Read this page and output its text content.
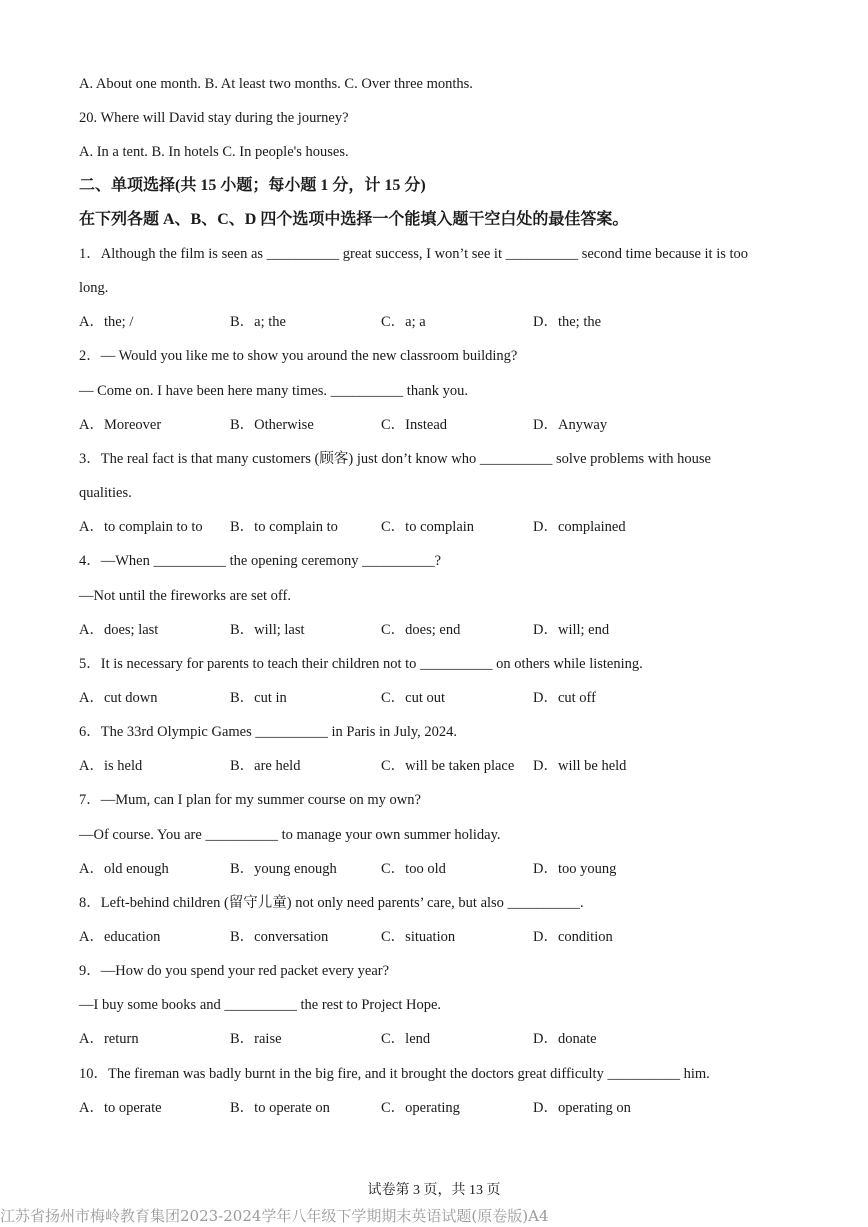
A. About one month. B. At least two months. C. Over three months.
20. Where will David stay during the journey?
A. In a tent. B. In hotels C. In people's houses.
二、单项选择(共 15 小题；每小题 1 分，计 15 分)
在下列各题 A、B、C、D 四个选项中选择一个能填入题干空白处的最佳答案。
1．Although the film is seen as __________ great success, I won’t see it __________ second time because it is too
long.
A．the; /	B．a; the	C．a; a	D．the; the
2．— Would you like me to show you around the new classroom building?
— Come on. I have been here many times. __________ thank you.
A．Moreover	B．Otherwise	C．Instead	D．Anyway
3．The real fact is that many customers (顾客) just don’t know who __________ solve problems with house
qualities.
A．to complain to to B．to complain to	C．to complain	D．complained
4．—When __________ the opening ceremony __________?
—Not until the fireworks are set off.
A．does; last	B．will; last	C．does; end	D．will; end
5．It is necessary for parents to teach their children not to __________ on others while listening.
A．cut down	B．cut in	C．cut out	D．cut off
6．The 33rd Olympic Games __________ in Paris in July, 2024.
A．is held	B．are held	C．will be taken place D．will be held
7．—Mum, can I plan for my summer course on my own?
—Of course. You are __________ to manage your own summer holiday.
A．old enough	B．young enough	C．too old	D．too young
8．Left-behind children (留守儿童) not only need parents’ care, but also __________.
A．education	B．conversation	C．situation	D．condition
9．—How do you spend your red packet every year?
—I buy some books and __________ the rest to Project Hope.
A．return	B．raise	C．lend	D．donate
10．The fireman was badly burnt in the big fire, and it brought the doctors great difficulty __________ him.
A．to operate	B．to operate on	C．operating	D．operating on
试卷第 3 页，共 13 页
江苏省扬州市梅岭教育集团2023-2024学年八年级下学期期末英语试题(原卷版)A4
